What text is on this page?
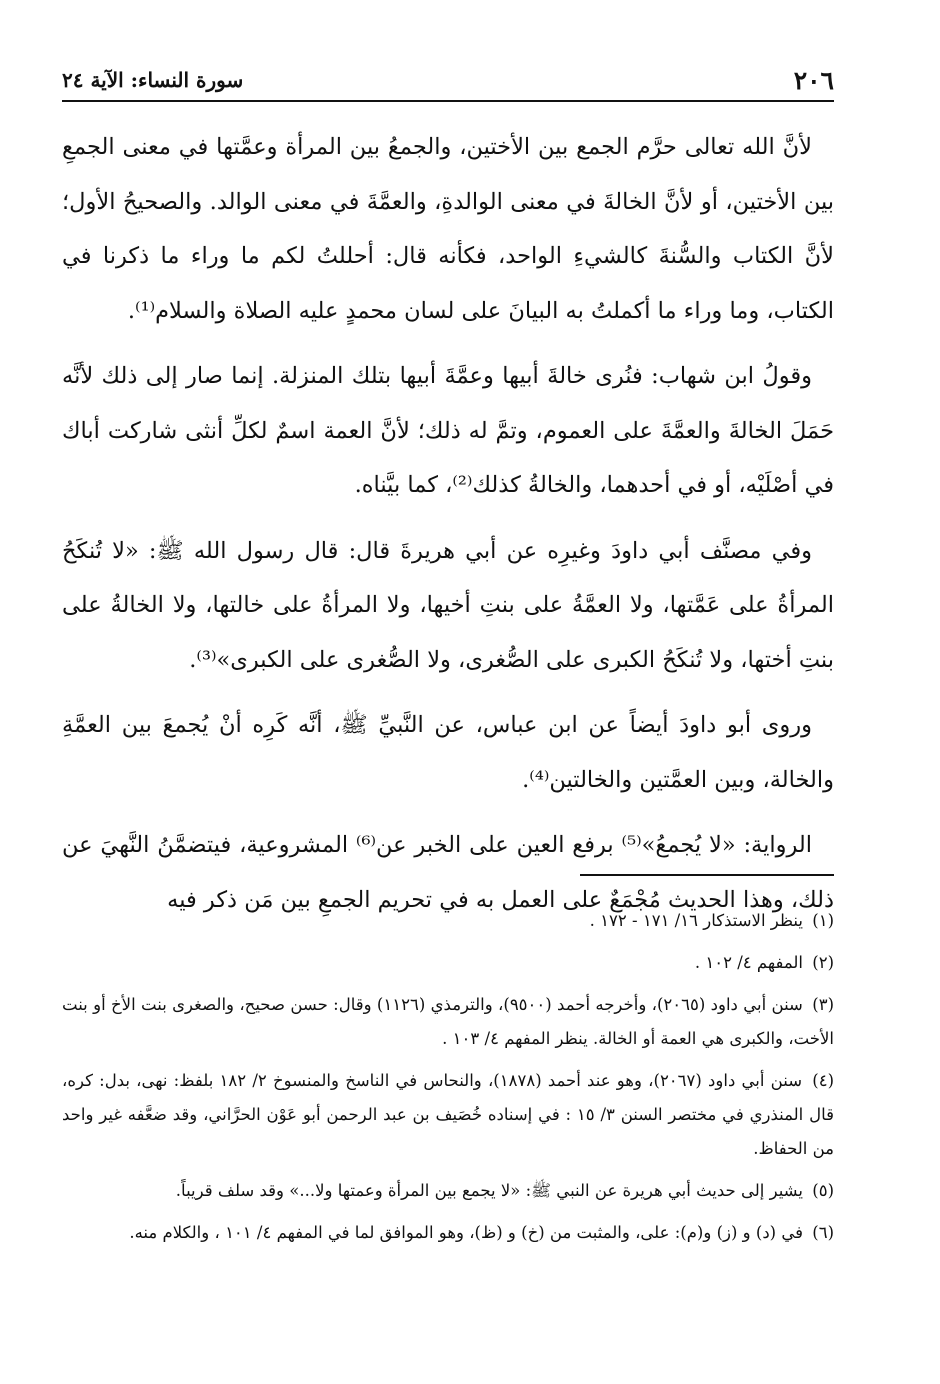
٢٠٦
سورة النساء: الآية ٢٤

لأنَّ الله تعالى حرَّم الجمع بين الأختين، والجمعُ بين المرأة وعمَّتها في معنى الجمعِ بين الأختين، أو لأنَّ الخالةَ في معنى الوالدةِ، والعمَّةَ في معنى الوالد. والصحيحُ الأول؛ لأنَّ الكتاب والسُّنةَ كالشيءِ الواحد، فكأنه قال: أحللتُ لكم ما وراء ما ذكرنا في الكتاب، وما وراء ما أكملتُ به البيانَ على لسان محمدٍ عليه الصلاة والسلام⁽¹⁾.

وقولُ ابن شهاب: فنُرى خالةَ أبيها وعمَّةَ أبيها بتلك المنزلة. إنما صار إلى ذلك لأنَّه حَمَلَ الخالةَ والعمَّةَ على العموم، وتمَّ له ذلك؛ لأنَّ العمة اسمٌ لكلِّ أنثى شاركت أباك في أصْلَيْه، أو في أحدهما، والخالةُ كذلك⁽²⁾، كما بيَّناه.

وفي مصنَّف أبي داودَ وغيرِه عن أبي هريرةَ قال: قال رسول الله ﷺ: «لا تُنكَحُ المرأةُ على عَمَّتها، ولا العمَّةُ على بنتِ أخيها، ولا المرأةُ على خالتها، ولا الخالةُ على بنتِ أختها، ولا تُنكَحُ الكبرى على الصُّغرى، ولا الصُّغرى على الكبرى»⁽³⁾.

وروى أبو داودَ أيضاً عن ابن عباس، عن النَّبيِّ ﷺ، أنَّه كَرِه أنْ يُجمعَ بين العمَّةِ والخالة، وبين العمَّتين والخالتين⁽⁴⁾.

الرواية: «لا يُجمعُ»⁽⁵⁾ برفع العين على الخبر عن⁽⁶⁾ المشروعية، فيتضمَّنُ النَّهيَ عن ذلك، وهذا الحديث مُجْمَعٌ على العمل به في تحريم الجمعِ بين مَن ذكر فيه

(١) ينظر الاستذكار ١٦/ ١٧١ - ١٧٢ .
(٢) المفهم ٤/ ١٠٢ .
(٣) سنن أبي داود (٢٠٦٥)، وأخرجه أحمد (٩٥٠٠)، والترمذي (١١٢٦) وقال: حسن صحيح، والصغرى بنت الأخ أو بنت الأخت، والكبرى هي العمة أو الخالة. ينظر المفهم ٤/ ١٠٣ .
(٤) سنن أبي داود (٢٠٦٧)، وهو عند أحمد (١٨٧٨)، والنحاس في الناسخ والمنسوخ ٢/ ١٨٢ بلفظ: نهى، بدل: كره، قال المنذري في مختصر السنن ٣/ ١٥ : في إسناده خُصَيف بن عبد الرحمن أبو عَوْن الحرَّاني، وقد ضعَّفه غير واحد من الحفاظ.
(٥) يشير إلى حديث أبي هريرة عن النبي ﷺ: «لا يجمع بين المرأة وعمتها ولا...» وقد سلف قريباً.
(٦) في (د) و (ز) و(م): على، والمثبت من (خ) و (ظ)، وهو الموافق لما في المفهم ٤/ ١٠١ ، والكلام منه.
